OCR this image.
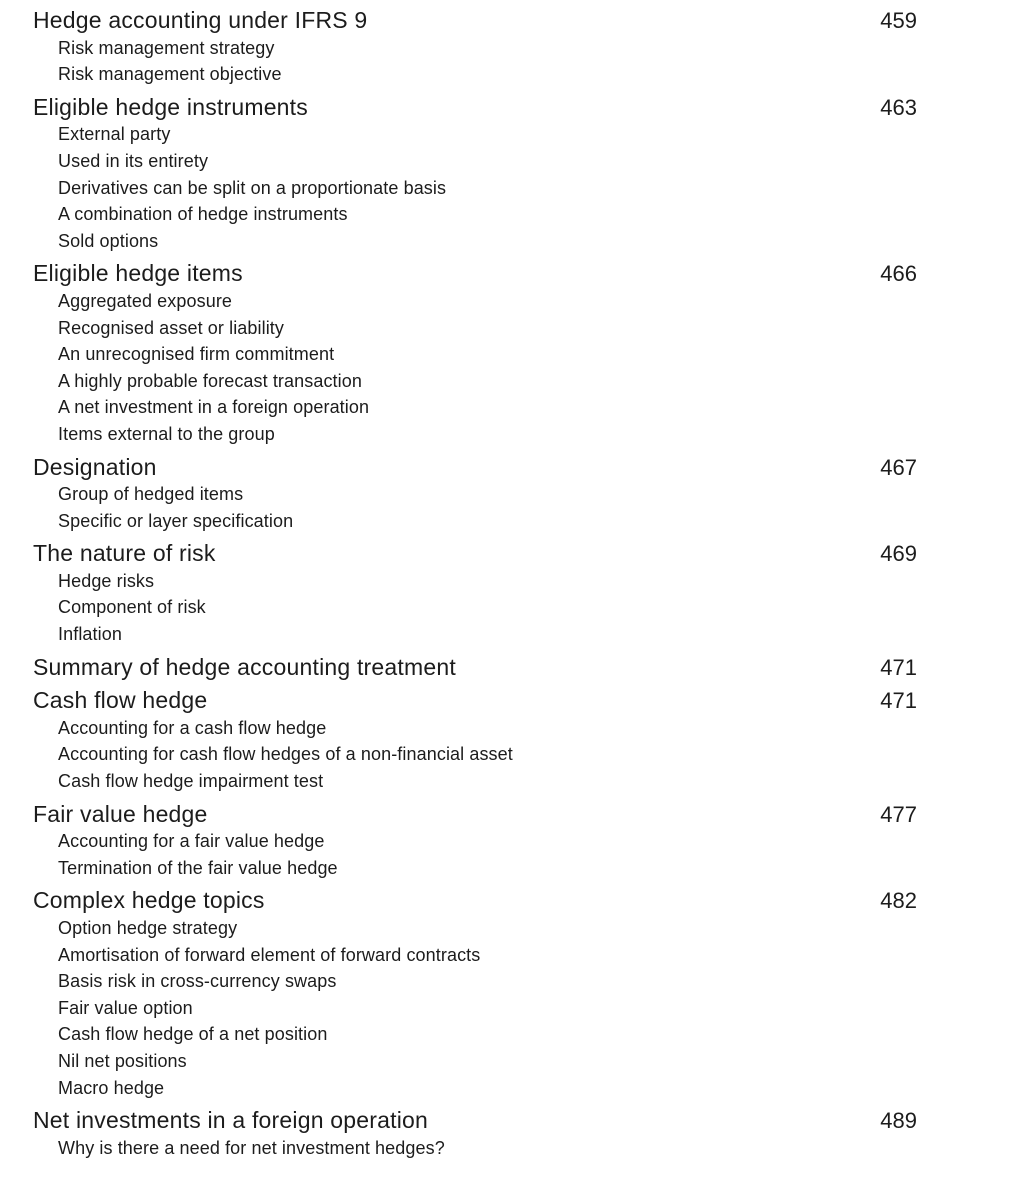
Hedge accounting under IFRS 9	459
Risk management strategy
Risk management objective
Eligible hedge instruments	463
External party
Used in its entirety
Derivatives can be split on a proportionate basis
A combination of hedge instruments
Sold options
Eligible hedge items	466
Aggregated exposure
Recognised asset or liability
An unrecognised firm commitment
A highly probable forecast transaction
A net investment in a foreign operation
Items external to the group
Designation	467
Group of hedged items
Specific or layer specification
The nature of risk	469
Hedge risks
Component of risk
Inflation
Summary of hedge accounting treatment	471
Cash flow hedge	471
Accounting for a cash flow hedge
Accounting for cash flow hedges of a non-financial asset
Cash flow hedge impairment test
Fair value hedge	477
Accounting for a fair value hedge
Termination of the fair value hedge
Complex hedge topics	482
Option hedge strategy
Amortisation of forward element of forward contracts
Basis risk in cross-currency swaps
Fair value option
Cash flow hedge of a net position
Nil net positions
Macro hedge
Net investments in a foreign operation	489
Why is there a need for net investment hedges?
